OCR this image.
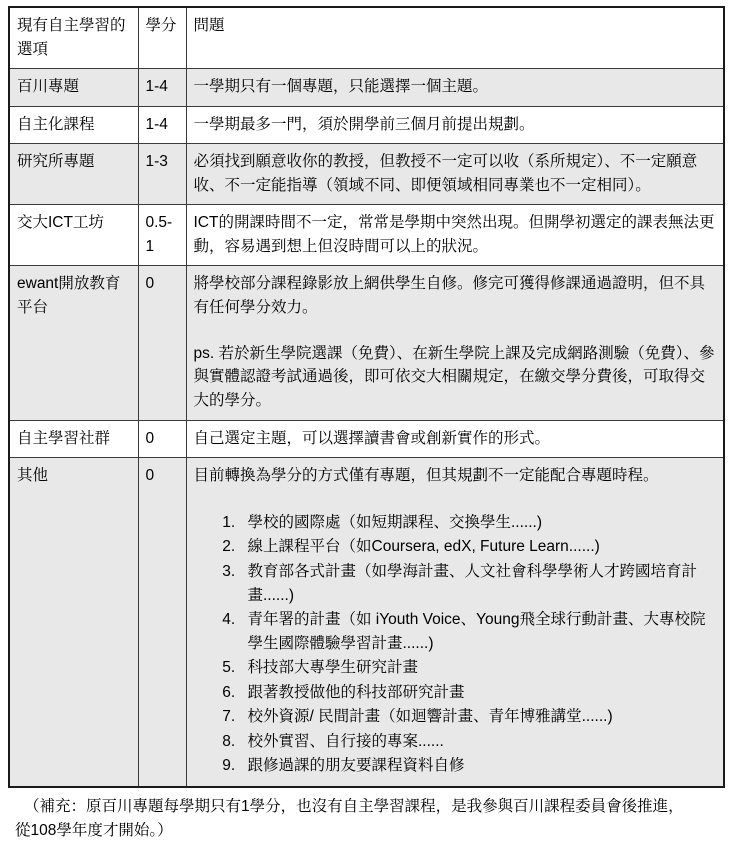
現有自主學習的選項	學分	問題
百川專題	1-4	一學期只有一個專題，只能選擇一個主題。

自主化課程	1-4	一學期最多一門，須於開學前三個月前提出規劃。

研究所專題	1-3	必須找到願意收你的教授，但教授不一定可以收（系所規定）、不一定願意收、不一定能指導（領域不同、即便領域相同專業也不一定相同）。

交大ICT工坊	0.5-1	ICT的開課時間不一定，常常是學期中突然出現。但開學初選定的課表無法更動，容易遇到想上但沒時間可以上的狀況。

ewant開放教育平台	0	將學校部分課程錄影放上網供學生自修。修完可獲得修課通過證明，但不具有任何學分效力。

ps. 若於新生學院選課（免費）、在新生學院上課及完成網路測驗（免費）、參與實體認證考試通過後，即可依交大相關規定，在繳交學分費後，可取得交大的學分。

自主學習社群	0	自己選定主題，可以選擇讀書會或創新實作的形式。

其他	0	目前轉換為學分的方式僅有專題，但其規劃不一定能配合專題時程。

1. 學校的國際處（如短期課程、交換學生......)
2. 線上課程平台（如Coursera, edX, Future Learn......)
3. 教育部各式計畫（如學海計畫、人文社會科學學術人才跨國培育計畫......)
4. 青年署的計畫（如 iYouth Voice、Young飛全球行動計畫、大專校院學生國際體驗學習計畫......)
5. 科技部大專學生研究計畫
6. 跟著教授做他的科技部研究計畫
7. 校外資源/ 民間計畫（如迴響計畫、青年博雅講堂......)
8. 校外實習、自行接的專案......
9. 跟修過課的朋友要課程資料自修
（補充：原百川專題每學期只有1學分，也沒有自主學習課程，是我參與百川課程委員會後推進，
從108學年度才開始。）
